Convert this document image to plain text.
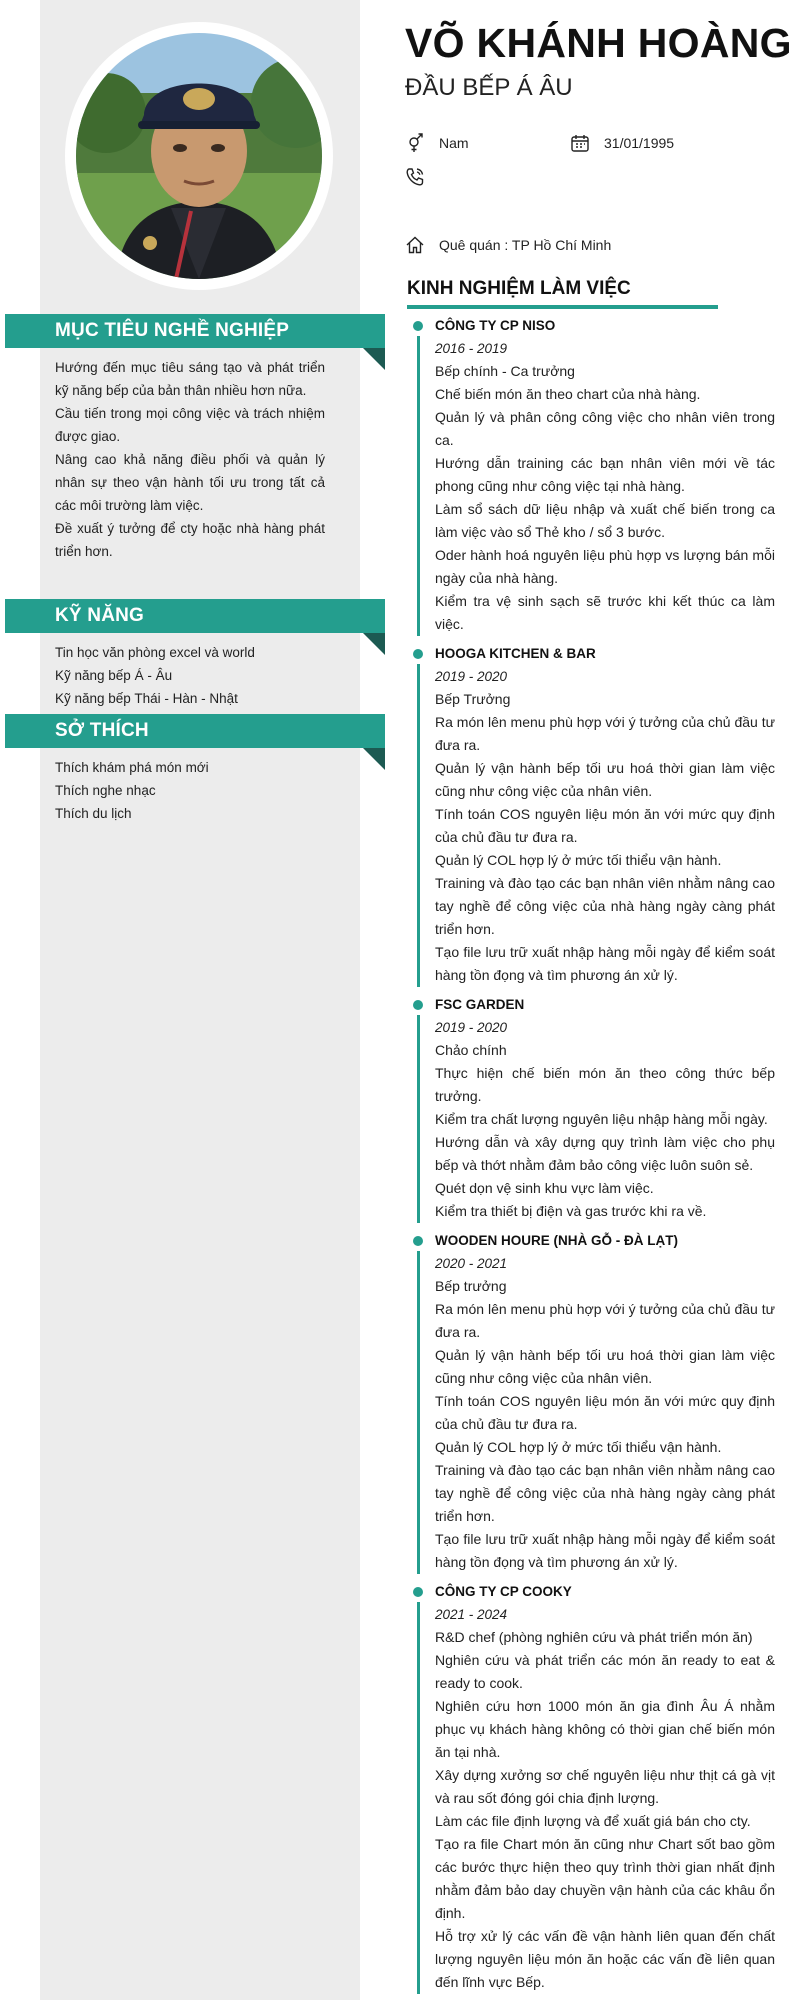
MỤC TIÊU NGHỀ NGHIỆP

Hướng đến mục tiêu sáng tạo và phát triển kỹ năng bếp của bản thân nhiều hơn nữa.

Cầu tiến trong mọi công việc và trách nhiệm được giao.

Nâng cao khả năng điều phối và quản lý nhân sự theo vận hành tối ưu trong tất cả các môi trường làm việc.

Đề xuất ý tưởng để cty hoặc nhà hàng phát triển hơn.

KỸ NĂNG

Tin học văn phòng excel và world

Kỹ năng bếp Á - Âu

Kỹ năng bếp Thái - Hàn - Nhật

SỞ THÍCH

Thích khám phá món mới

Thích nghe nhạc

Thích du lịch

VÕ KHÁNH HOÀNG
ĐẦU BẾP Á ÂU
Nam	31/01/1995
Quê quán : TP Hồ Chí Minh
KINH NGHIỆM LÀM VIỆC
CÔNG TY CP NISO
2016 - 2019
Bếp chính - Ca trưởng

Chế biến món ăn theo chart của nhà hàng.

Quản lý và phân công công việc cho nhân viên trong ca.

Hướng dẫn training các bạn nhân viên mới về tác phong cũng như công việc tại nhà hàng.

Làm sổ sách dữ liệu nhập và xuất chế biến trong ca làm việc vào sổ Thẻ kho / sổ 3 bước.

Oder hành hoá nguyên liệu phù hợp vs lượng bán mỗi ngày của nhà hàng.

Kiểm tra vệ sinh sạch sẽ trước khi kết thúc ca làm việc.

HOOGA KITCHEN & BAR
2019 - 2020
Bếp Trưởng

Ra món lên menu phù hợp với ý tưởng của chủ đầu tư đưa ra.

Quản lý vận hành bếp tối ưu hoá thời gian làm việc cũng như công việc của nhân viên.

Tính toán COS nguyên liệu món ăn với mức quy định của chủ đầu tư đưa ra.

Quản lý COL hợp lý ở mức tối thiểu vận hành.

Training và đào tạo các bạn nhân viên nhằm nâng cao tay nghề để công việc của nhà hàng ngày càng phát triển hơn.

Tạo file lưu trữ xuất nhập hàng mỗi ngày để kiểm soát hàng tồn đọng và tìm phương án xử lý.

FSC GARDEN
2019 - 2020
Chảo chính

Thực hiện chế biến món ăn theo công thức bếp trưởng.

Kiểm tra chất lượng nguyên liệu nhập hàng mỗi ngày.

Hướng dẫn và xây dựng quy trình làm việc cho phụ bếp và thớt nhằm đảm bảo công việc luôn suôn sẻ.

Quét dọn vệ sinh khu vực làm việc.

Kiểm tra thiết bị điện và gas trước khi ra về.

WOODEN HOURE (NHÀ GỖ - ĐÀ LẠT)
2020 - 2021
Bếp trưởng

Ra món lên menu phù hợp với ý tưởng của chủ đầu tư đưa ra.

Quản lý vận hành bếp tối ưu hoá thời gian làm việc cũng như công việc của nhân viên.

Tính toán COS nguyên liệu món ăn với mức quy định của chủ đầu tư đưa ra.

Quản lý COL hợp lý ở mức tối thiểu vận hành.

Training và đào tạo các bạn nhân viên nhằm nâng cao tay nghề để công việc của nhà hàng ngày càng phát triển hơn.

Tạo file lưu trữ xuất nhập hàng mỗi ngày để kiểm soát hàng tồn đọng và tìm phương án xử lý.

CÔNG TY CP COOKY
2021 - 2024
R&D chef (phòng nghiên cứu và phát triển món ăn)

Nghiên cứu và phát triển các món ăn ready to eat & ready to cook.

Nghiên cứu hơn 1000 món ăn gia đình Âu Á nhằm phục vụ khách hàng không có thời gian chế biến món ăn tại nhà.

Xây dựng xưởng sơ chế nguyên liệu như thịt cá gà vịt và rau sốt đóng gói chia định lượng.

Làm các file định lượng và để xuất giá bán cho cty.

Tạo ra file Chart món ăn cũng như Chart sốt bao gồm các bước thực hiện theo quy trình thời gian nhất định nhằm đảm bảo day chuyền vận hành của các khâu ổn định.

Hỗ trợ xử lý các vấn đề vận hành liên quan đến chất lượng nguyên liệu món ăn hoặc các vấn đề liên quan đến lĩnh vực Bếp.
